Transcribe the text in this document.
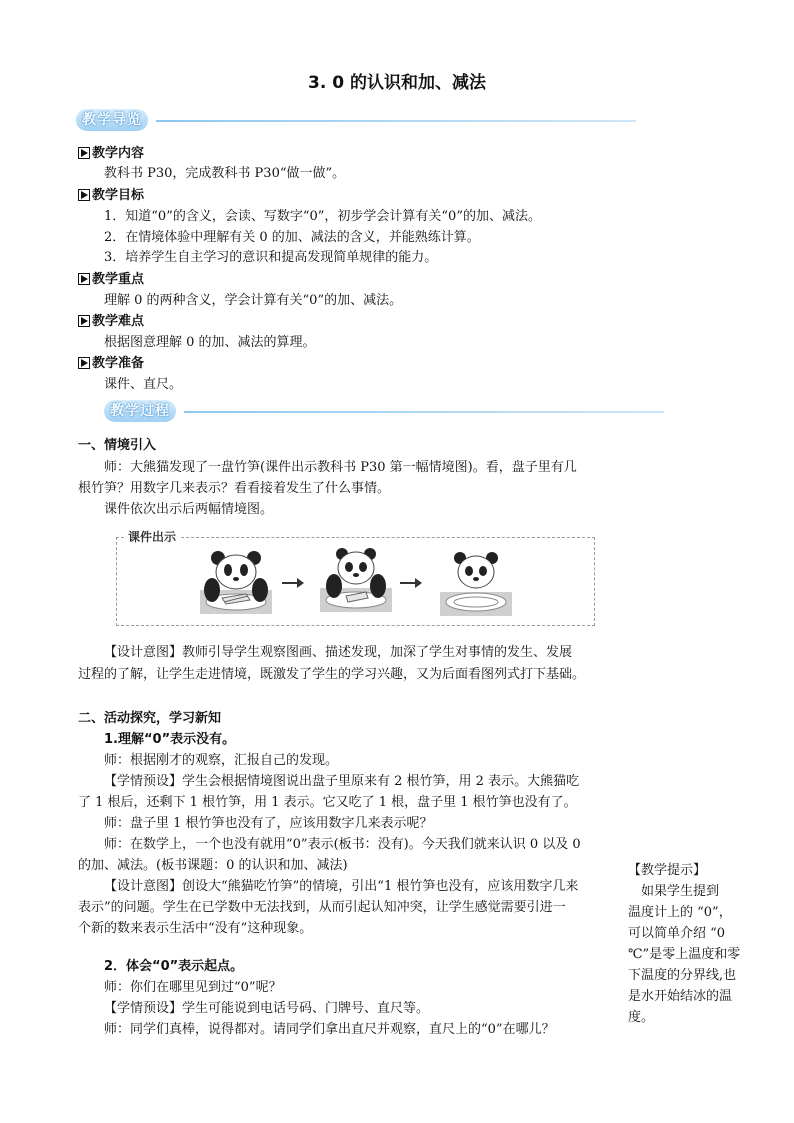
3. 0 的认识和加、减法
教学导览
教学内容
教科书 P30，完成教科书 P30“做一做”。
教学目标
1．知道“0”的含义，会读、写数字“0”，初步学会计算有关“0”的加、减法。
2．在情境体验中理解有关 0 的加、减法的含义，并能熟练计算。
3．培养学生自主学习的意识和提高发现简单规律的能力。
教学重点
理解 0 的两种含义，学会计算有关“0”的加、减法。
教学难点
根据图意理解 0 的加、减法的算理。
教学准备
课件、直尺。
教学过程
一、情境引入
师：大熊猫发现了一盘竹笋(课件出示教科书 P30 第一幅情境图)。看，盘子里有几
根竹笋？用数字几来表示？看看接着发生了什么事情。
课件依次出示后两幅情境图。
课件出示
【设计意图】教师引导学生观察图画、描述发现，加深了学生对事情的发生、发展
过程的了解，让学生走进情境，既激发了学生的学习兴趣，又为后面看图列式打下基础。
二、活动探究，学习新知
1.理解“0”表示没有。
师：根据刚才的观察，汇报自己的发现。
【学情预设】学生会根据情境图说出盘子里原来有 2 根竹笋，用 2 表示。大熊猫吃
了 1 根后，还剩下 1 根竹笋，用 1 表示。它又吃了 1 根，盘子里 1 根竹笋也没有了。
师：盘子里 1 根竹笋也没有了，应该用数字几来表示呢？
师：在数学上，一个也没有就用“0”表示(板书：没有)。今天我们就来认识 0 以及 0
的加、减法。(板书课题：0 的认识和加、减法)
【设计意图】创设大“熊猫吃竹笋”的情境，引出“1 根竹笋也没有，应该用数字几来
表示”的问题。学生在已学数中无法找到，从而引起认知冲突，让学生感觉需要引进一
个新的数来表示生活中“没有”这种现象。
2．体会“0”表示起点。
师：你们在哪里见到过“0”呢？
【学情预设】学生可能说到电话号码、门牌号、直尺等。
师：同学们真棒，说得都对。请同学们拿出直尺并观察，直尺上的“0”在哪儿？
【教学提示】
　如果学生提到
温度计上的 “0”，
可以简单介绍 “0
℃”是零上温度和零
下温度的分界线,也
是水开始结冰的温
度。
